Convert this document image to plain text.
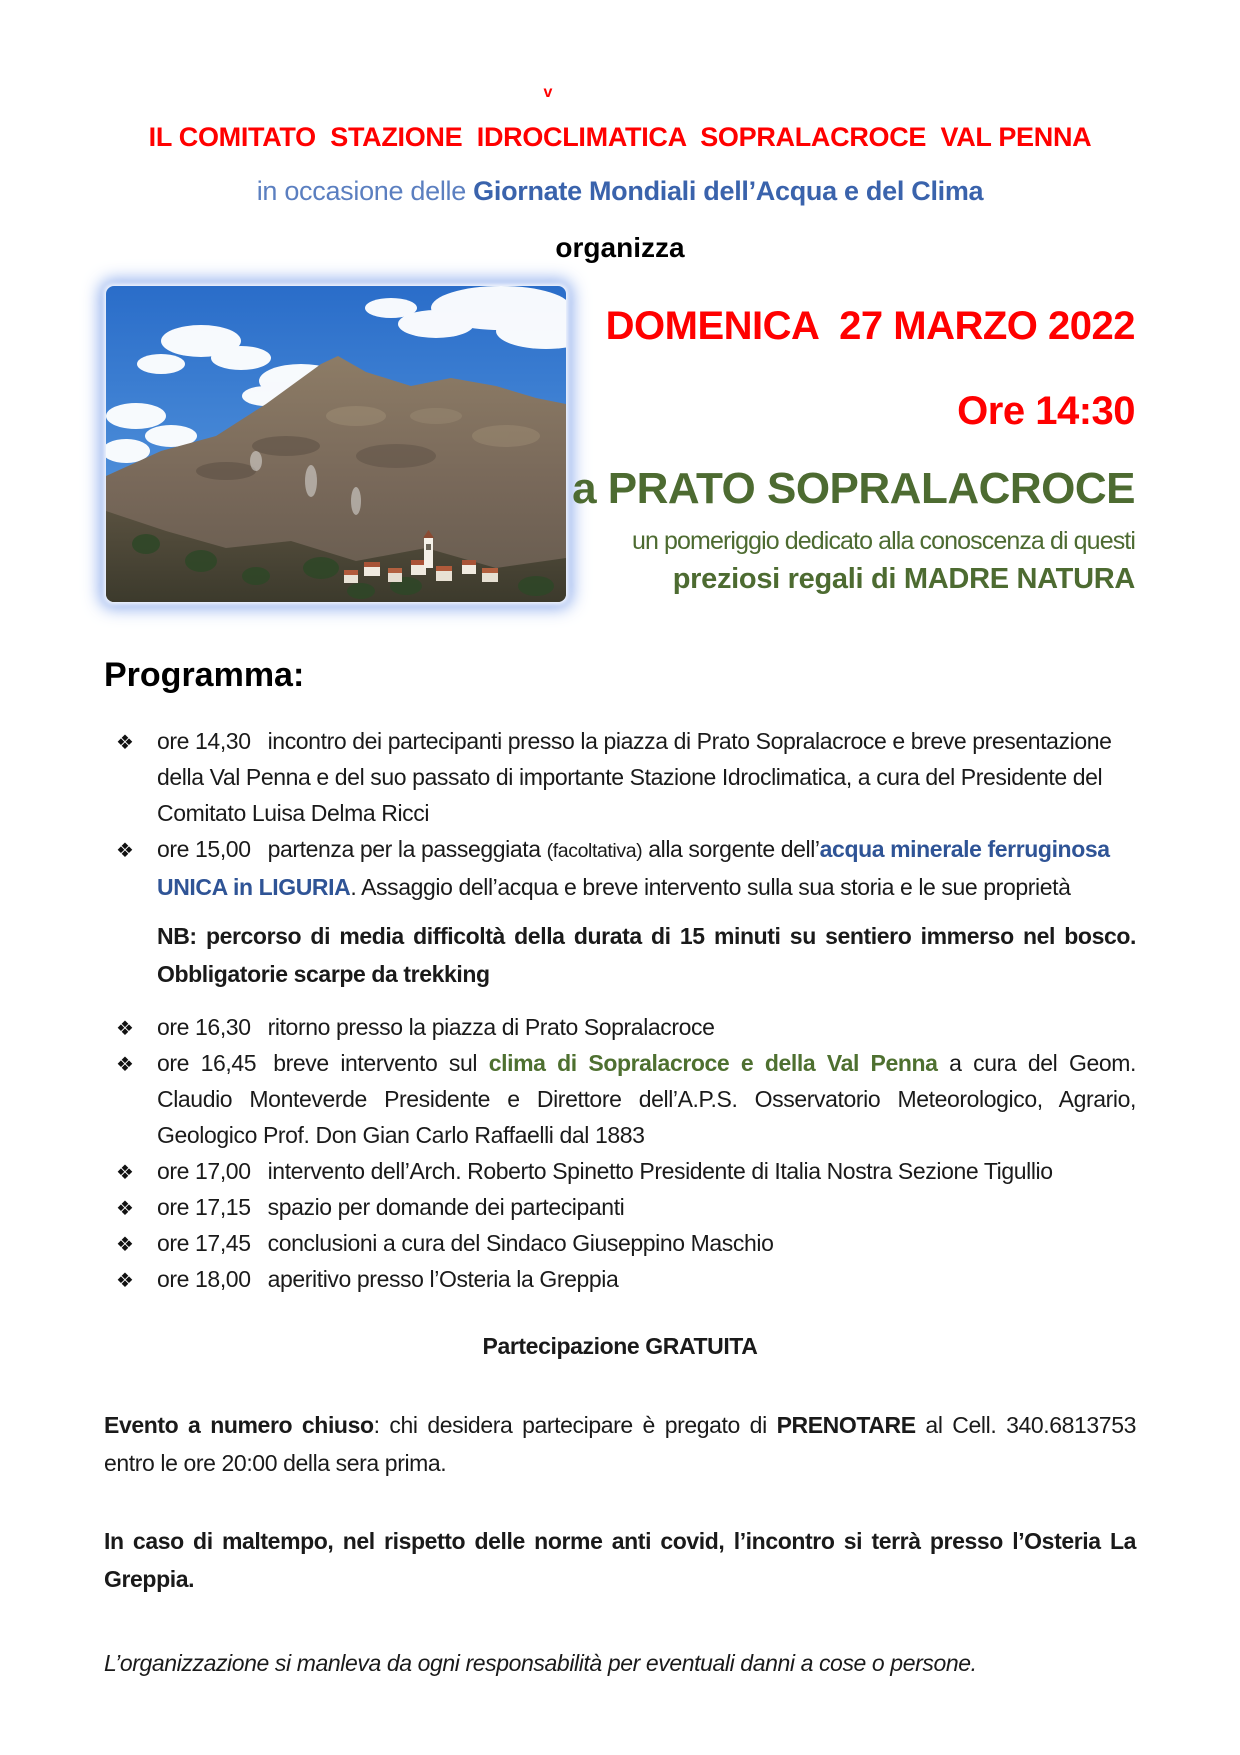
v
IL COMITATO  STAZIONE  IDROCLIMATICA  SOPRALACROCE  VAL PENNA
in occasione delle Giornate Mondiali dell’Acqua e del Clima
organizza
DOMENICA  27 MARZO 2022
Ore 14:30
a PRATO SOPRALACROCE
un pomeriggio dedicato alla conoscenza di questi
preziosi regali di MADRE NATURA
Programma:
❖ ore 14,30 incontro dei partecipanti presso la piazza di Prato Sopralacroce e breve presentazione della Val Penna e del suo passato di importante Stazione Idroclimatica, a cura del Presidente del Comitato Luisa Delma Ricci
❖ ore 15,00 partenza per la passeggiata (facoltativa) alla sorgente dell’acqua minerale ferruginosa UNICA in LIGURIA. Assaggio dell’acqua e breve intervento sulla sua storia e le sue proprietà
NB: percorso di media difficoltà della durata di 15 minuti su sentiero immerso nel bosco. Obbligatorie scarpe da trekking
❖ ore 16,30 ritorno presso la piazza di Prato Sopralacroce
❖ ore 16,45 breve intervento sul clima di Sopralacroce e della Val Penna a cura del Geom. Claudio Monteverde Presidente e Direttore dell’A.P.S. Osservatorio Meteorologico, Agrario, Geologico Prof. Don Gian Carlo Raffaelli dal 1883
❖ ore 17,00 intervento dell’Arch. Roberto Spinetto Presidente di Italia Nostra Sezione Tigullio
❖ ore 17,15 spazio per domande dei partecipanti
❖ ore 17,45 conclusioni a cura del Sindaco Giuseppino Maschio
❖ ore 18,00 aperitivo presso l’Osteria la Greppia
Partecipazione GRATUITA

Evento a numero chiuso: chi desidera partecipare è pregato di PRENOTARE al Cell. 340.6813753 entro le ore 20:00 della sera prima.

In caso di maltempo, nel rispetto delle norme anti covid, l’incontro si terrà presso l’Osteria La Greppia.

L’organizzazione si manleva da ogni responsabilità per eventuali danni a cose o persone.
